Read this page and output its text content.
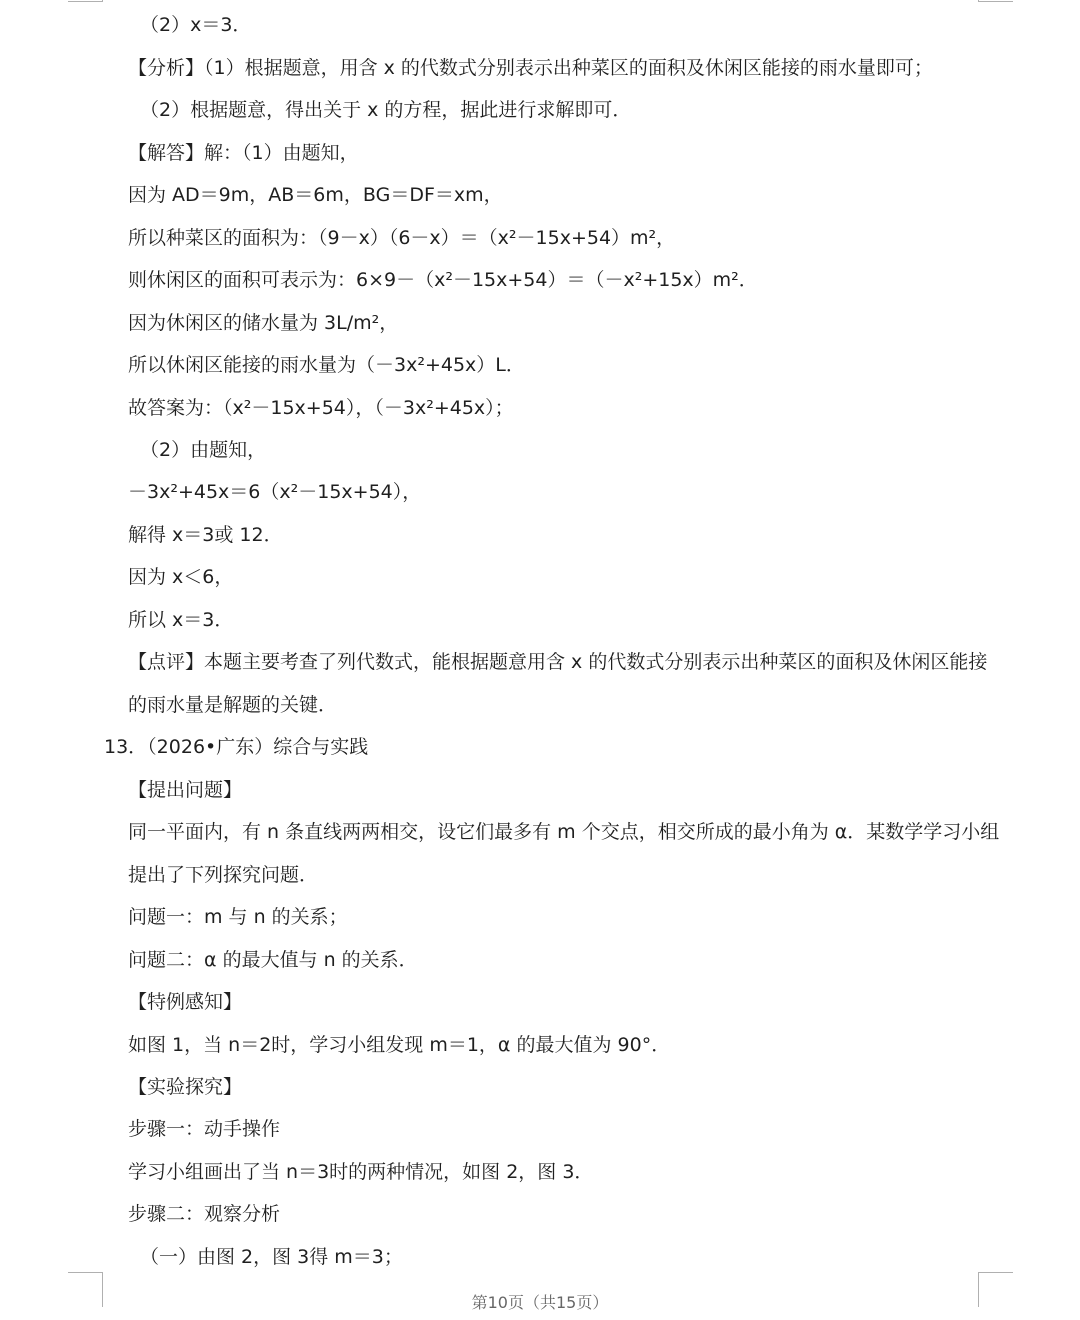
（2）x＝3．
【分析】（1）根据题意，用含 x 的代数式分别表示出种菜区的面积及休闲区能接的雨水量即可；
（2）根据题意，得出关于 x 的方程，据此进行求解即可．
【解答】解：（1）由题知，
因为 AD＝9m，AB＝6m，BG＝DF＝xm，
所以种菜区的面积为：（9－x）（6－x）＝（x²－15x+54）m²，
则休闲区的面积可表示为：6×9－（x²－15x+54）＝（－x²+15x）m²．
因为休闲区的储水量为 3L/m²，
所以休闲区能接的雨水量为（－3x²+45x）L．
故答案为：（x²－15x+54），（－3x²+45x）；
（2）由题知，
－3x²+45x＝6（x²－15x+54），
解得 x＝3或 12．
因为 x＜6，
所以 x＝3．
【点评】本题主要考查了列代数式，能根据题意用含 x 的代数式分别表示出种菜区的面积及休闲区能接
的雨水量是解题的关键．
13．（2026•广东）综合与实践
【提出问题】
同一平面内，有 n 条直线两两相交，设它们最多有 m 个交点，相交所成的最小角为 α．某数学学习小组
提出了下列探究问题．
问题一：m 与 n 的关系；
问题二：α 的最大值与 n 的关系．
【特例感知】
如图 1，当 n＝2时，学习小组发现 m＝1，α 的最大值为 90°．
【实验探究】
步骤一：动手操作
学习小组画出了当 n＝3时的两种情况，如图 2，图 3．
步骤二：观察分析
（一）由图 2，图 3得 m＝3；
第10页（共15页）
